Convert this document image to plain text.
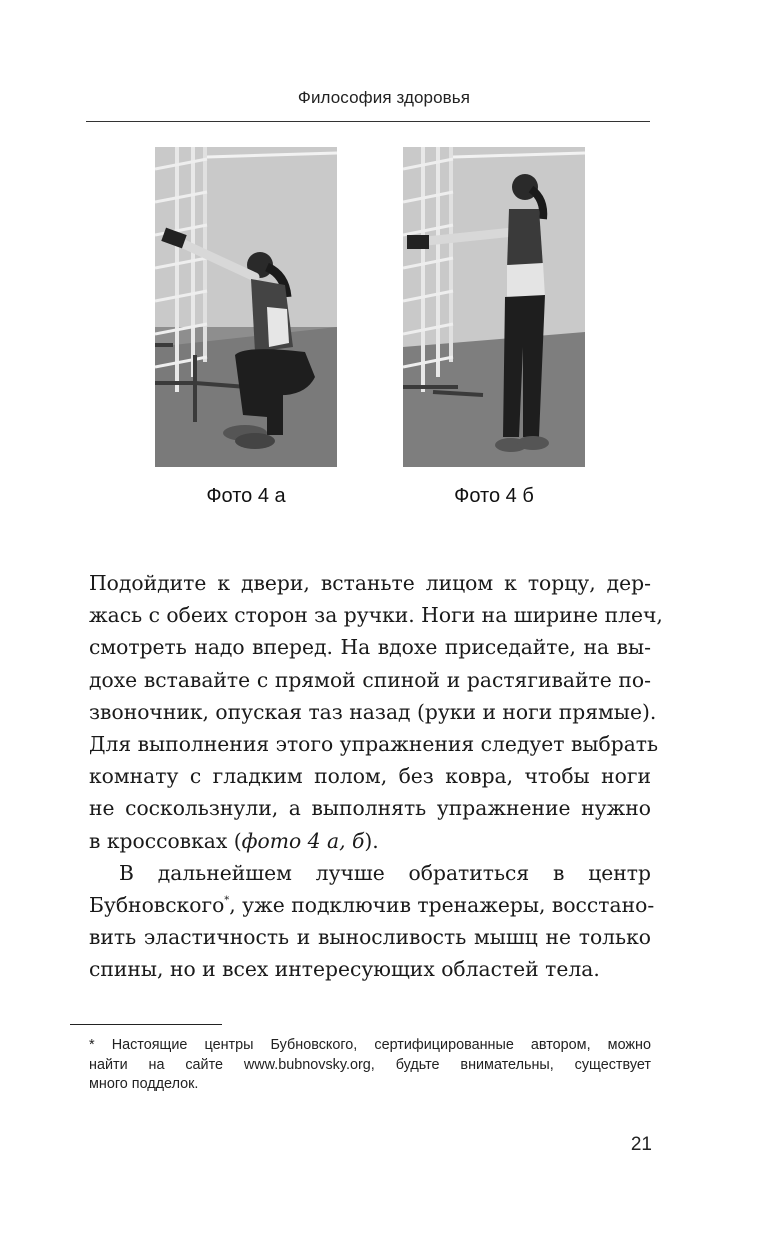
Философия здоровья
Фото 4 а	Фото 4 б

Подойдите к двери, встаньте лицом к торцу, дер-
жась с обеих сторон за ручки. Ноги на ширине плеч,
смотреть надо вперед. На вдохе приседайте, на вы-
дохе вставайте с прямой спиной и растягивайте по-
звоночник, опуская таз назад (руки и ноги прямые).
Для выполнения этого упражнения следует выбрать
комнату с гладким полом, без ковра, чтобы ноги
не соскользнули, а выполнять упражнение нужно
в кроссовках (фото 4 а, б).

В дальнейшем лучше обратиться в центр
Бубновского*, уже подключив тренажеры, восстано-
вить эластичность и выносливость мышц не только
спины, но и всех интересующих областей тела.

* Настоящие центры Бубновского, сертифицированные автором, можно
найти на сайте www.bubnovsky.org, будьте внимательны, существует
много подделок.
21
